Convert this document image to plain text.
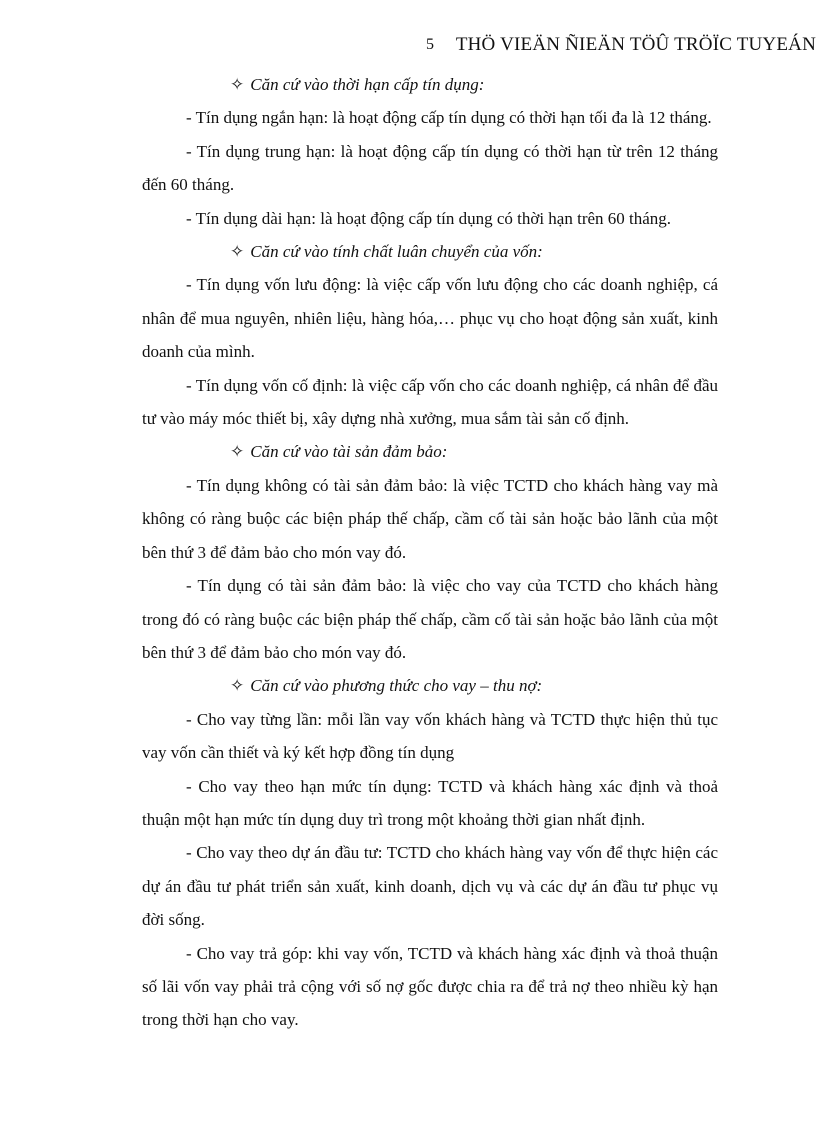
5 THÖ VIEÄN ÑIEÄN TÖÛ TRÖÏC TUYEÁN

✧ Căn cứ vào thời hạn cấp tín dụng:

- Tín dụng ngắn hạn: là hoạt động cấp tín dụng có thời hạn tối đa là 12 tháng.

- Tín dụng trung hạn: là hoạt động cấp tín dụng có thời hạn từ trên 12 tháng đến 60 tháng.

- Tín dụng dài hạn: là hoạt động cấp tín dụng có thời hạn trên 60 tháng.

✧ Căn cứ vào tính chất luân chuyển của vốn:

- Tín dụng vốn lưu động: là việc cấp vốn lưu động cho các doanh nghiệp, cá nhân để mua nguyên, nhiên liệu, hàng hóa,… phục vụ cho hoạt động sản xuất, kinh doanh của mình.

- Tín dụng vốn cố định: là việc cấp vốn cho các doanh nghiệp, cá nhân để đầu tư vào máy móc thiết bị, xây dựng nhà xưởng, mua sắm tài sản cố định.

✧ Căn cứ vào tài sản đảm bảo:

- Tín dụng không có tài sản đảm bảo: là việc TCTD cho khách hàng vay mà không có ràng buộc các biện pháp thế chấp, cầm cố tài sản hoặc bảo lãnh của một bên thứ 3 để đảm bảo cho món vay đó.

- Tín dụng có tài sản đảm bảo: là việc cho vay của TCTD cho khách hàng trong đó có ràng buộc các biện pháp thế chấp, cầm cố tài sản hoặc bảo lãnh của một bên thứ 3 để đảm bảo cho món vay đó.

✧ Căn cứ vào phương thức cho vay – thu nợ:

- Cho vay từng lần: mỗi lần vay vốn khách hàng và TCTD thực hiện thủ tục vay vốn cần thiết và ký kết hợp đồng tín dụng

- Cho vay theo hạn mức tín dụng: TCTD và khách hàng xác định và thoả thuận một hạn mức tín dụng duy trì trong một khoảng thời gian nhất định.

- Cho vay theo dự án đầu tư: TCTD cho khách hàng vay vốn để thực hiện các dự án đầu tư phát triển sản xuất, kinh doanh, dịch vụ và các dự án đầu tư phục vụ đời sống.

- Cho vay trả góp: khi vay vốn, TCTD và khách hàng xác định và thoả thuận số lãi vốn vay phải trả cộng với số nợ gốc được chia ra để trả nợ theo nhiều kỳ hạn trong thời hạn cho vay.
